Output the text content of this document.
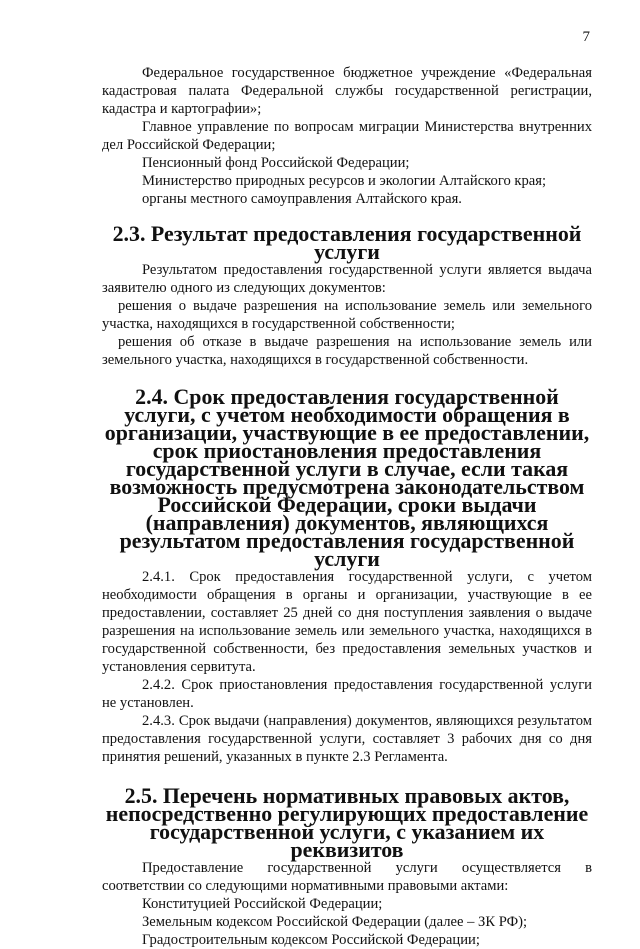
7

Федеральное государственное бюджетное учреждение «Федеральная кадастровая палата Федеральной службы государственной регистрации, кадастра и картографии»;

Главное управление по вопросам миграции Министерства внутренних дел Российской Федерации;

Пенсионный фонд Российской Федерации;

Министерство природных ресурсов и экологии Алтайского края;

органы местного самоуправления Алтайского края.

2.3. Результат предоставления государственной услуги

Результатом предоставления государственной услуги является выдача заявителю одного из следующих документов:

решения о выдаче разрешения на использование земель или земельного участка, находящихся в государственной собственности;

решения об отказе в выдаче разрешения на использование земель или земельного участка, находящихся в государственной собственности.

2.4. Срок предоставления государственной услуги, с учетом необходимости обращения в организации, участвующие в ее предоставлении, срок приостановления предоставления государственной услуги в случае, если такая возможность предусмотрена законодательством Российской Федерации, сроки выдачи (направления) документов, являющихся результатом предоставления государственной услуги

2.4.1. Срок предоставления государственной услуги, с учетом необходимости обращения в органы и организации, участвующие в ее предоставлении, составляет 25 дней со дня поступления заявления о выдаче разрешения на использование земель или земельного участка, находящихся в государственной собственности, без предоставления земельных участков и установления сервитута.

2.4.2. Срок приостановления предоставления государственной услуги не установлен.

2.4.3. Срок выдачи (направления) документов, являющихся результатом предоставления государственной услуги, составляет 3 рабочих дня со дня принятия решений, указанных в пункте 2.3 Регламента.

2.5. Перечень нормативных правовых актов, непосредственно регулирующих предоставление государственной услуги, с указанием их реквизитов

Предоставление государственной услуги осуществляется в соответствии со следующими нормативными правовыми актами:

Конституцией Российской Федерации;

Земельным кодексом Российской Федерации (далее – ЗК РФ);

Градостроительным кодексом Российской Федерации;
